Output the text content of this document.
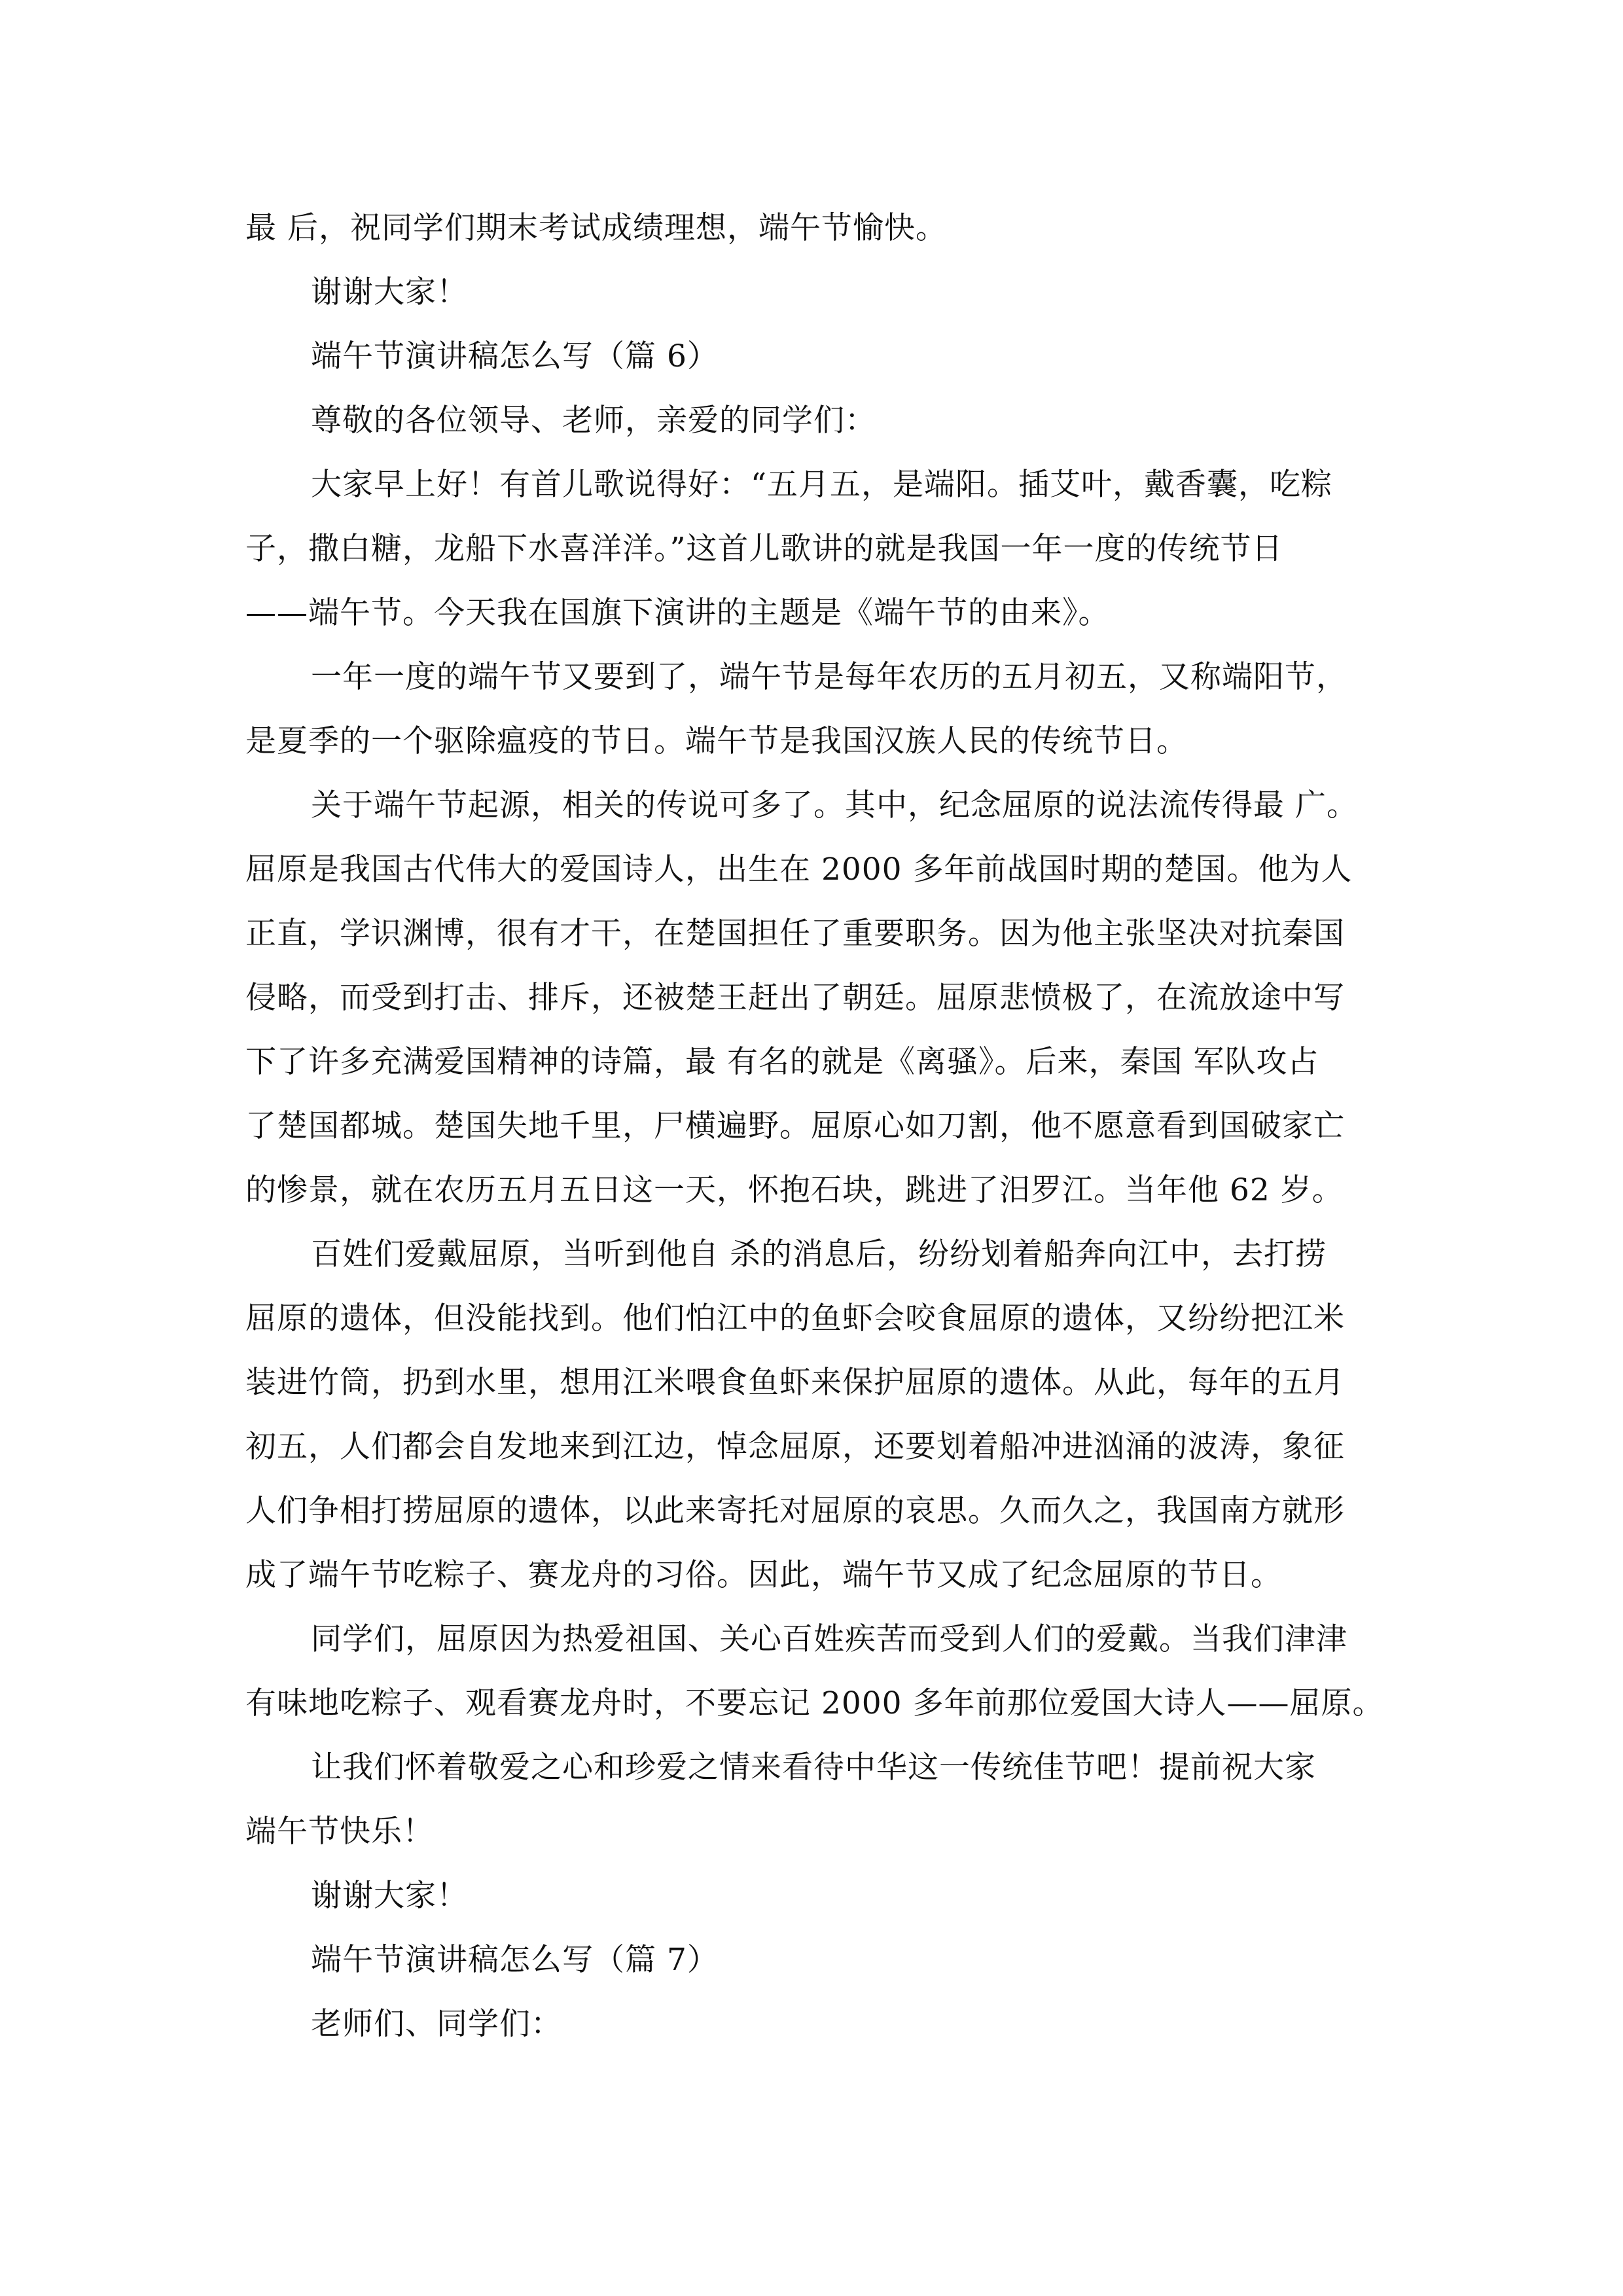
最 后，祝同学们期末考试成绩理想，端午节愉快。
谢谢大家！
端午节演讲稿怎么写（篇 6）
尊敬的各位领导、老师，亲爱的同学们：
大家早上好！有首儿歌说得好：“五月五，是端阳。插艾叶，戴香囊，吃粽
子，撒白糖，龙船下水喜洋洋。”这首儿歌讲的就是我国一年一度的传统节日
——端午节。今天我在国旗下演讲的主题是《端午节的由来》。
一年一度的端午节又要到了，端午节是每年农历的五月初五，又称端阳节，
是夏季的一个驱除瘟疫的节日。端午节是我国汉族人民的传统节日。
关于端午节起源，相关的传说可多了。其中，纪念屈原的说法流传得最 广。
屈原是我国古代伟大的爱国诗人，出生在 2000 多年前战国时期的楚国。他为人
正直，学识渊博，很有才干，在楚国担任了重要职务。因为他主张坚决对抗秦国
侵略，而受到打击、排斥，还被楚王赶出了朝廷。屈原悲愤极了，在流放途中写
下了许多充满爱国精神的诗篇，最 有名的就是《离骚》。后来，秦国 军队攻占
了楚国都城。楚国失地千里，尸横遍野。屈原心如刀割，他不愿意看到国破家亡
的惨景，就在农历五月五日这一天，怀抱石块，跳进了汨罗江。当年他 62 岁。
百姓们爱戴屈原，当听到他自 杀的消息后，纷纷划着船奔向江中，去打捞
屈原的遗体，但没能找到。他们怕江中的鱼虾会咬食屈原的遗体，又纷纷把江米
装进竹筒，扔到水里，想用江米喂食鱼虾来保护屈原的遗体。从此，每年的五月
初五，人们都会自发地来到江边，悼念屈原，还要划着船冲进汹涌的波涛，象征
人们争相打捞屈原的遗体，以此来寄托对屈原的哀思。久而久之，我国南方就形
成了端午节吃粽子、赛龙舟的习俗。因此，端午节又成了纪念屈原的节日。
同学们，屈原因为热爱祖国、关心百姓疾苦而受到人们的爱戴。当我们津津
有味地吃粽子、观看赛龙舟时，不要忘记 2000 多年前那位爱国大诗人——屈原。
让我们怀着敬爱之心和珍爱之情来看待中华这一传统佳节吧！提前祝大家
端午节快乐！
谢谢大家！
端午节演讲稿怎么写（篇 7）
老师们、同学们：
